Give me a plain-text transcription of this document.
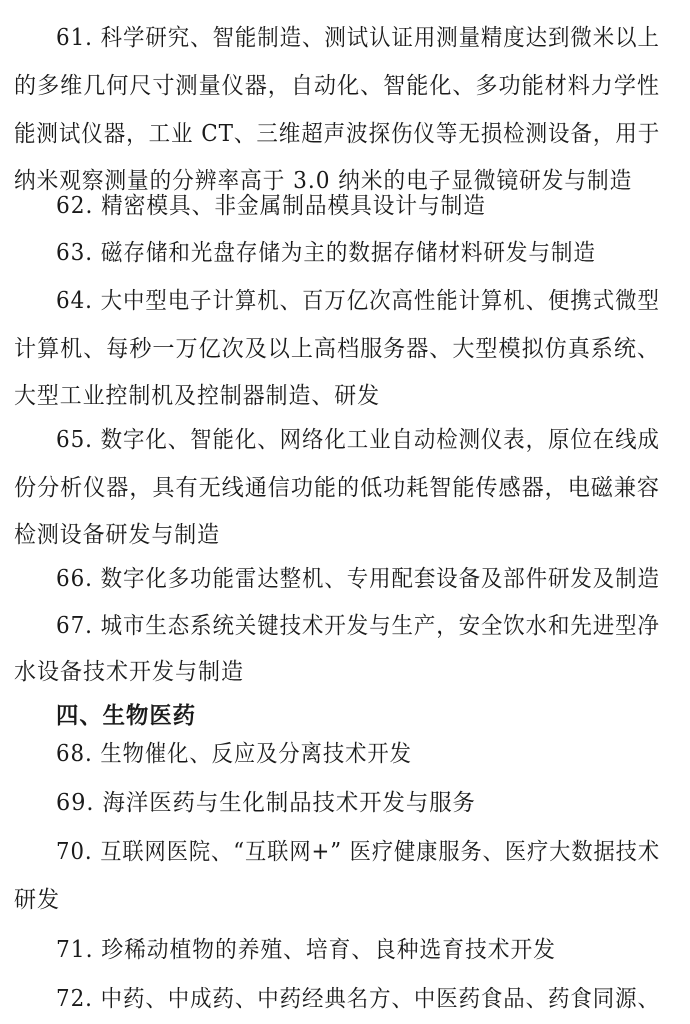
61. 科学研究、智能制造、测试认证用测量精度达到微米以上
的多维几何尺寸测量仪器，自动化、智能化、多功能材料力学性
能测试仪器，工业 CT、三维超声波探伤仪等无损检测设备，用于
纳米观察测量的分辨率高于 3.0 纳米的电子显微镜研发与制造
62. 精密模具、非金属制品模具设计与制造
63. 磁存储和光盘存储为主的数据存储材料研发与制造
64. 大中型电子计算机、百万亿次高性能计算机、便携式微型
计算机、每秒一万亿次及以上高档服务器、大型模拟仿真系统、
大型工业控制机及控制器制造、研发
65. 数字化、智能化、网络化工业自动检测仪表，原位在线成
份分析仪器，具有无线通信功能的低功耗智能传感器，电磁兼容
检测设备研发与制造
66. 数字化多功能雷达整机、专用配套设备及部件研发及制造
67. 城市生态系统关键技术开发与生产，安全饮水和先进型净
水设备技术开发与制造
四、生物医药
68. 生物催化、反应及分离技术开发
69. 海洋医药与生化制品技术开发与服务
70. 互联网医院、“互联网+” 医疗健康服务、医疗大数据技术
研发
71. 珍稀动植物的养殖、培育、良种选育技术开发
72. 中药、中成药、中药经典名方、中医药食品、药食同源、
